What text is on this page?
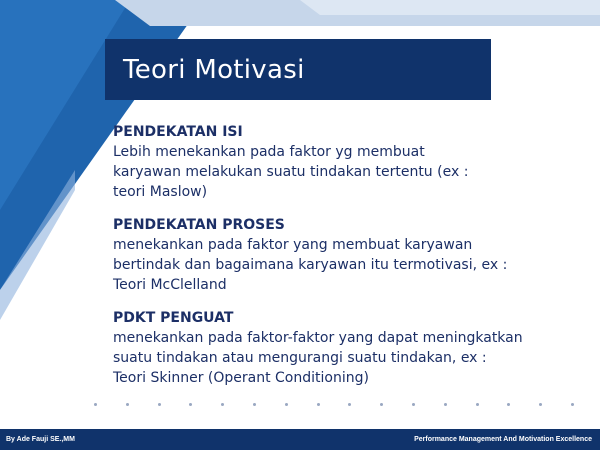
Teori Motivasi
PENDEKATAN ISI
Lebih menekankan pada faktor yg membuat
karyawan melakukan suatu tindakan tertentu (ex :
teori Maslow)
PENDEKATAN PROSES
menekankan pada faktor yang membuat karyawan
bertindak dan bagaimana karyawan itu termotivasi, ex :
Teori McClelland
PDKT PENGUAT
menekankan pada faktor-faktor yang dapat meningkatkan
suatu tindakan atau mengurangi suatu tindakan, ex :
Teori Skinner (Operant Conditioning)
By Ade Fauji SE.,MM	Performance Management And Motivation Excellence
